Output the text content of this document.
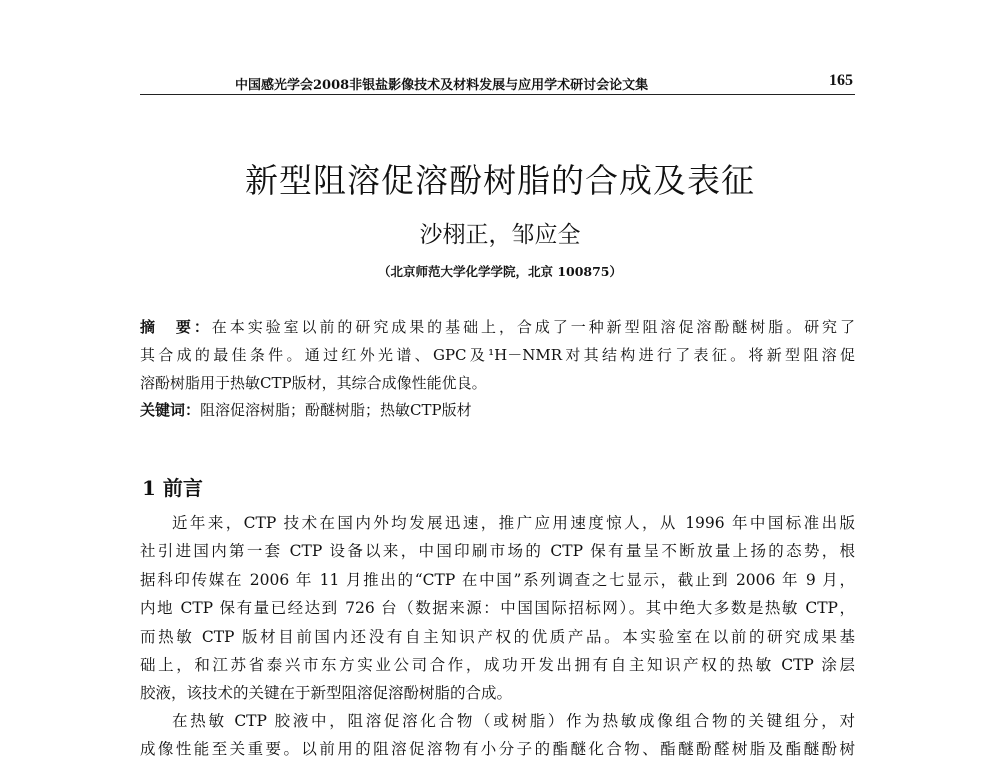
中国感光学会2008非银盐影像技术及材料发展与应用学术研讨会论文集	165
新型阻溶促溶酚树脂的合成及表征
沙栩正，邹应全
（北京师范大学化学学院，北京 100875）
摘　要：在本实验室以前的研究成果的基础上，合成了一种新型阻溶促溶酚醚树脂。研究了
其合成的最佳条件。通过红外光谱、GPC及¹H－NMR对其结构进行了表征。将新型阻溶促
溶酚树脂用于热敏CTP版材，其综合成像性能优良。
关键词：阻溶促溶树脂；酚醚树脂；热敏CTP版材
1 前言
近年来，CTP 技术在国内外均发展迅速，推广应用速度惊人，从 1996 年中国标准出版
社引进国内第一套 CTP 设备以来，中国印刷市场的 CTP 保有量呈不断放量上扬的态势，根
据科印传媒在 2006 年 11 月推出的“CTP 在中国”系列调查之七显示，截止到 2006 年 9 月，
内地 CTP 保有量已经达到 726 台（数据来源：中国国际招标网）。其中绝大多数是热敏 CTP，
而热敏 CTP 版材目前国内还没有自主知识产权的优质产品。本实验室在以前的研究成果基
础上，和江苏省泰兴市东方实业公司合作，成功开发出拥有自主知识产权的热敏 CTP 涂层
胶液，该技术的关键在于新型阻溶促溶酚树脂的合成。
在热敏 CTP 胶液中，阻溶促溶化合物（或树脂）作为热敏成像组合物的关键组分，对
成像性能至关重要。以前用的阻溶促溶物有小分子的酯醚化合物、酯醚酚醛树脂及酯醚酚树
